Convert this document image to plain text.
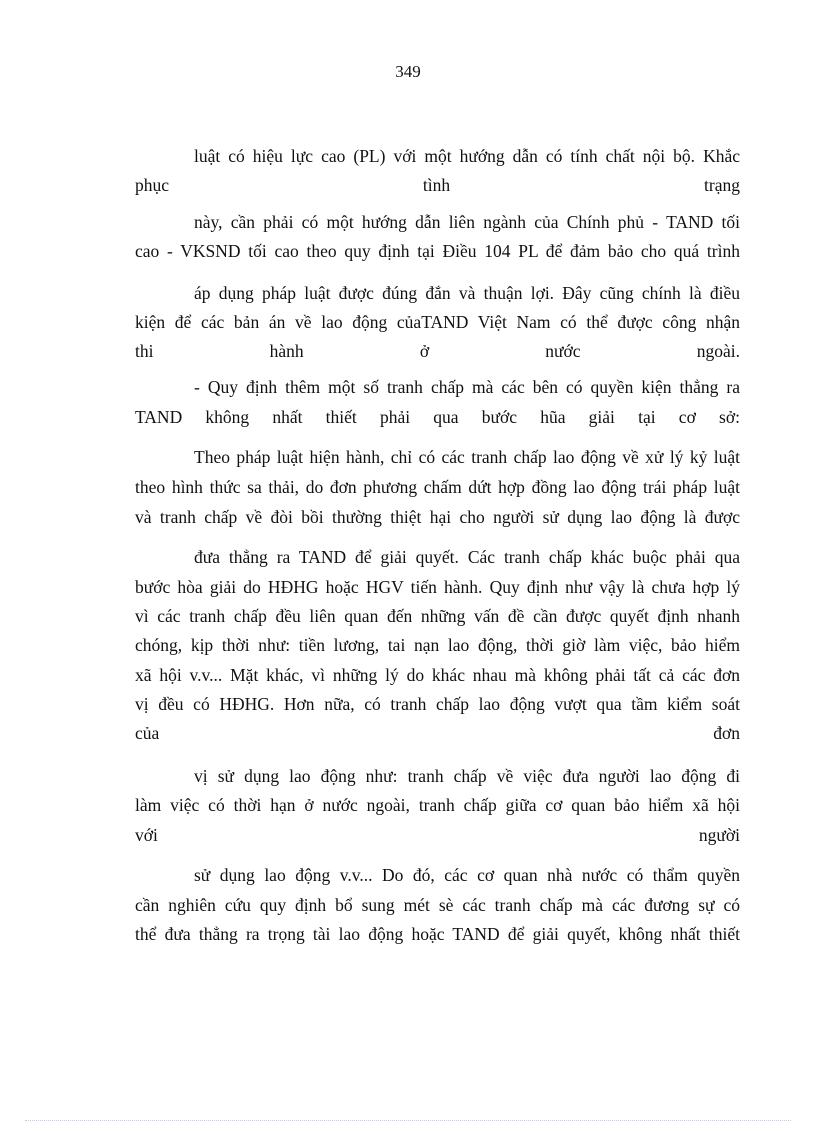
349
luật có hiệu lực cao (PL) với một hướng dẫn có tính chất nội bộ. Khắc
phục	tình	trạng
này, cần phải có một hướng dẫn liên ngành của Chính phủ - TAND tối
cao - VKSND tối cao theo quy định tại Điều 104 PL để đảm bảo cho quá trình
áp dụng pháp luật được đúng đắn và thuận lợi. Đây cũng chính là điều
kiện để các bản án về lao động củaTAND Việt Nam có thể được công nhận
thi	hành	ở	nước	ngoài.
- Quy định thêm một số tranh chấp mà các bên có quyền kiện thẳng ra
TAND không nhất thiết phải qua bước hũa giải tại cơ sở:
Theo pháp luật hiện hành, chỉ có các tranh chấp lao động về xử lý kỷ luật
theo hình thức sa thải, do đơn phương chấm dứt hợp đồng lao động trái pháp luật
và tranh chấp về đòi bồi thường thiệt hại cho người sử dụng lao động là được
đưa thẳng ra TAND để giải quyết. Các tranh chấp khác buộc phải qua
bước hòa giải do HĐHG hoặc HGV tiến hành. Quy định như vậy là chưa hợp lý
vì các tranh chấp đều liên quan đến những vấn đề cần được quyết định nhanh
chóng, kịp thời như: tiền lương, tai nạn lao động, thời giờ làm việc, bảo hiểm
xã hội v.v... Mặt khác, vì những lý do khác nhau mà không phải tất cả các đơn
vị đều có HĐHG. Hơn nữa, có tranh chấp lao động vượt qua tầm kiểm soát
của	đơn
vị sử dụng lao động như: tranh chấp về việc đưa người lao động đi
làm việc có thời hạn ở nước ngoài, tranh chấp giữa cơ quan bảo hiểm xã hội
với	người
sử dụng lao động v.v... Do đó, các cơ quan nhà nước có thẩm quyền
cần nghiên cứu quy định bổ sung mét sè các tranh chấp mà các đương sự có
thể đưa thẳng ra trọng tài lao động hoặc TAND để giải quyết, không nhất thiết
